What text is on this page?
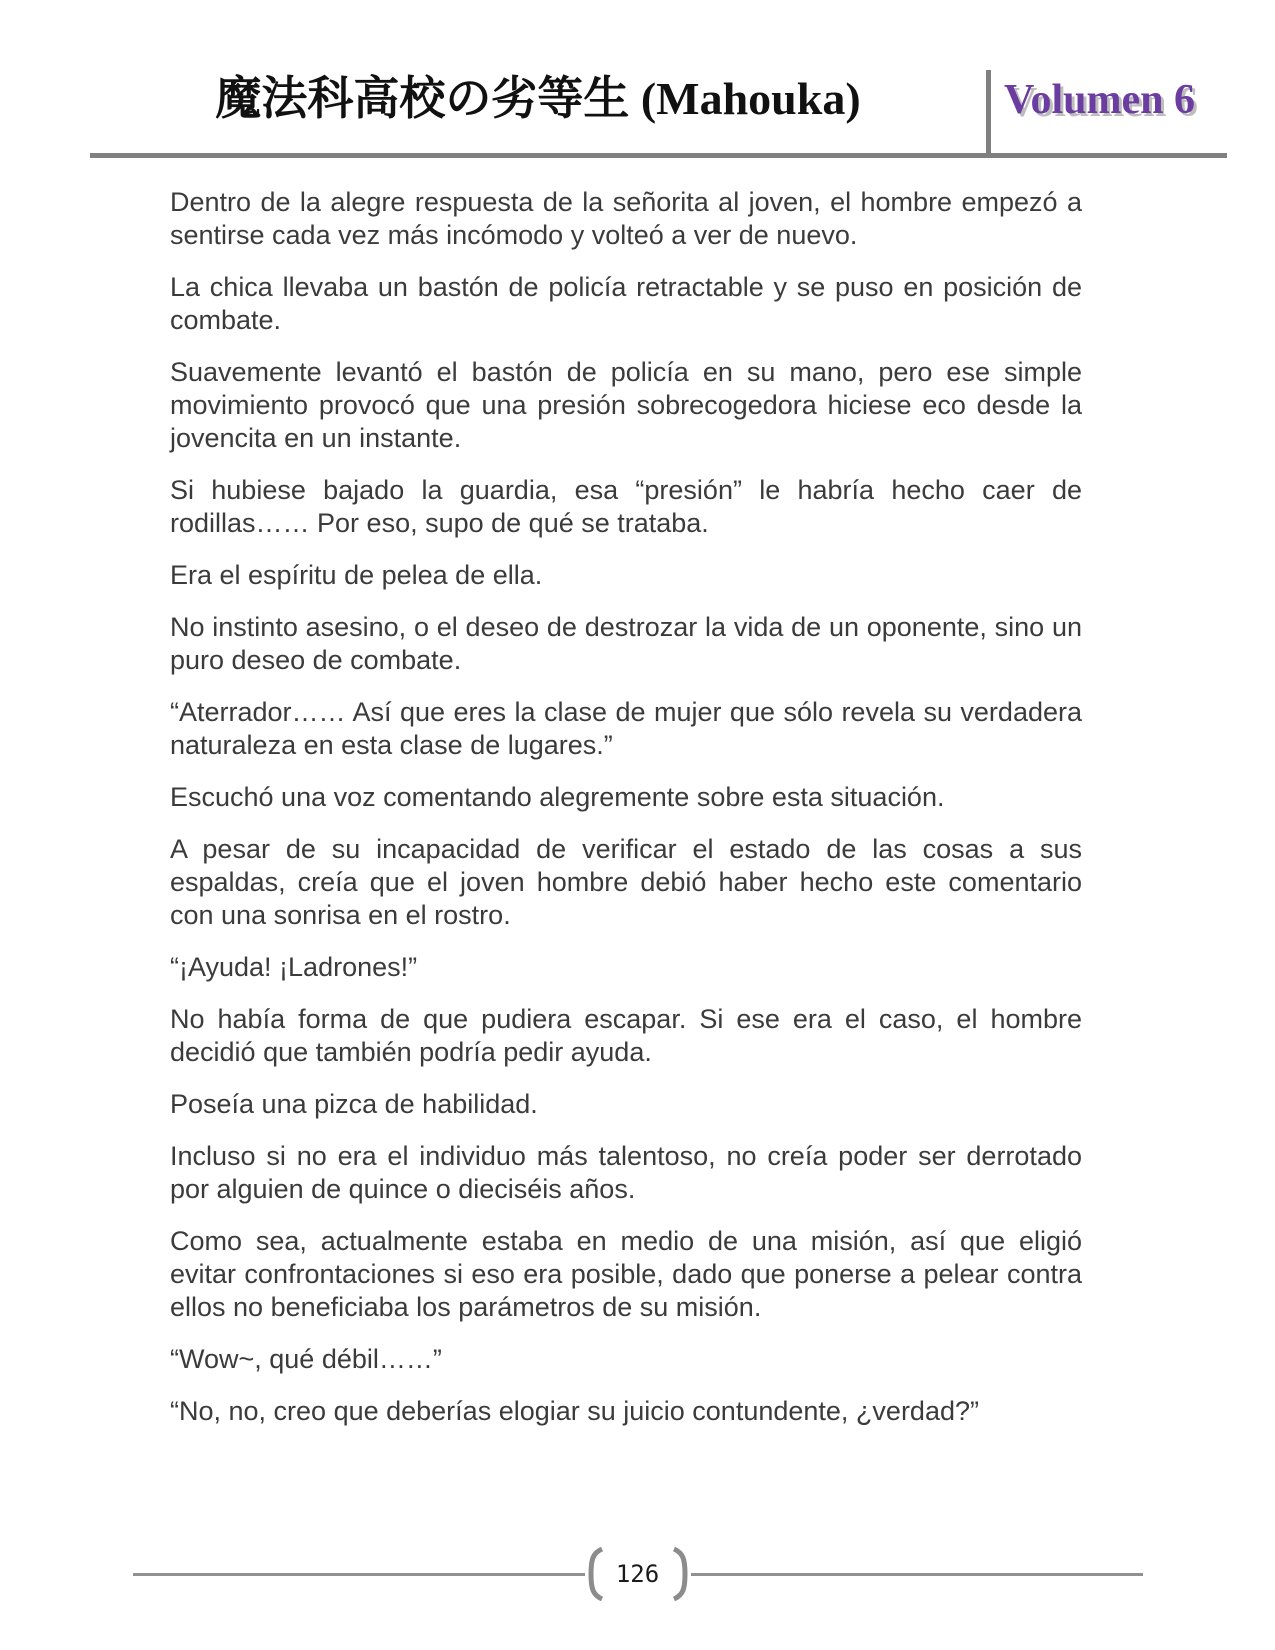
魔法科高校の劣等生 (Mahouka)	Volumen 6

Dentro de la alegre respuesta de la señorita al joven, el hombre empezó a sentirse cada vez más incómodo y volteó a ver de nuevo.

La chica llevaba un bastón de policía retractable y se puso en posición de combate.

Suavemente levantó el bastón de policía en su mano, pero ese simple movimiento provocó que una presión sobrecogedora hiciese eco desde la jovencita en un instante.

Si hubiese bajado la guardia, esa “presión” le habría hecho caer de rodillas…… Por eso, supo de qué se trataba.

Era el espíritu de pelea de ella.

No instinto asesino, o el deseo de destrozar la vida de un oponente, sino un puro deseo de combate.

“Aterrador…… Así que eres la clase de mujer que sólo revela su verdadera naturaleza en esta clase de lugares.”

Escuchó una voz comentando alegremente sobre esta situación.

A pesar de su incapacidad de verificar el estado de las cosas a sus espaldas, creía que el joven hombre debió haber hecho este comentario con una sonrisa en el rostro.

“¡Ayuda! ¡Ladrones!”

No había forma de que pudiera escapar. Si ese era el caso, el hombre decidió que también podría pedir ayuda.

Poseía una pizca de habilidad.

Incluso si no era el individuo más talentoso, no creía poder ser derrotado por alguien de quince o dieciséis años.

Como sea, actualmente estaba en medio de una misión, así que eligió evitar confrontaciones si eso era posible, dado que ponerse a pelear contra ellos no beneficiaba los parámetros de su misión.

“Wow~, qué débil……”

“No, no, creo que deberías elogiar su juicio contundente, ¿verdad?”

126
